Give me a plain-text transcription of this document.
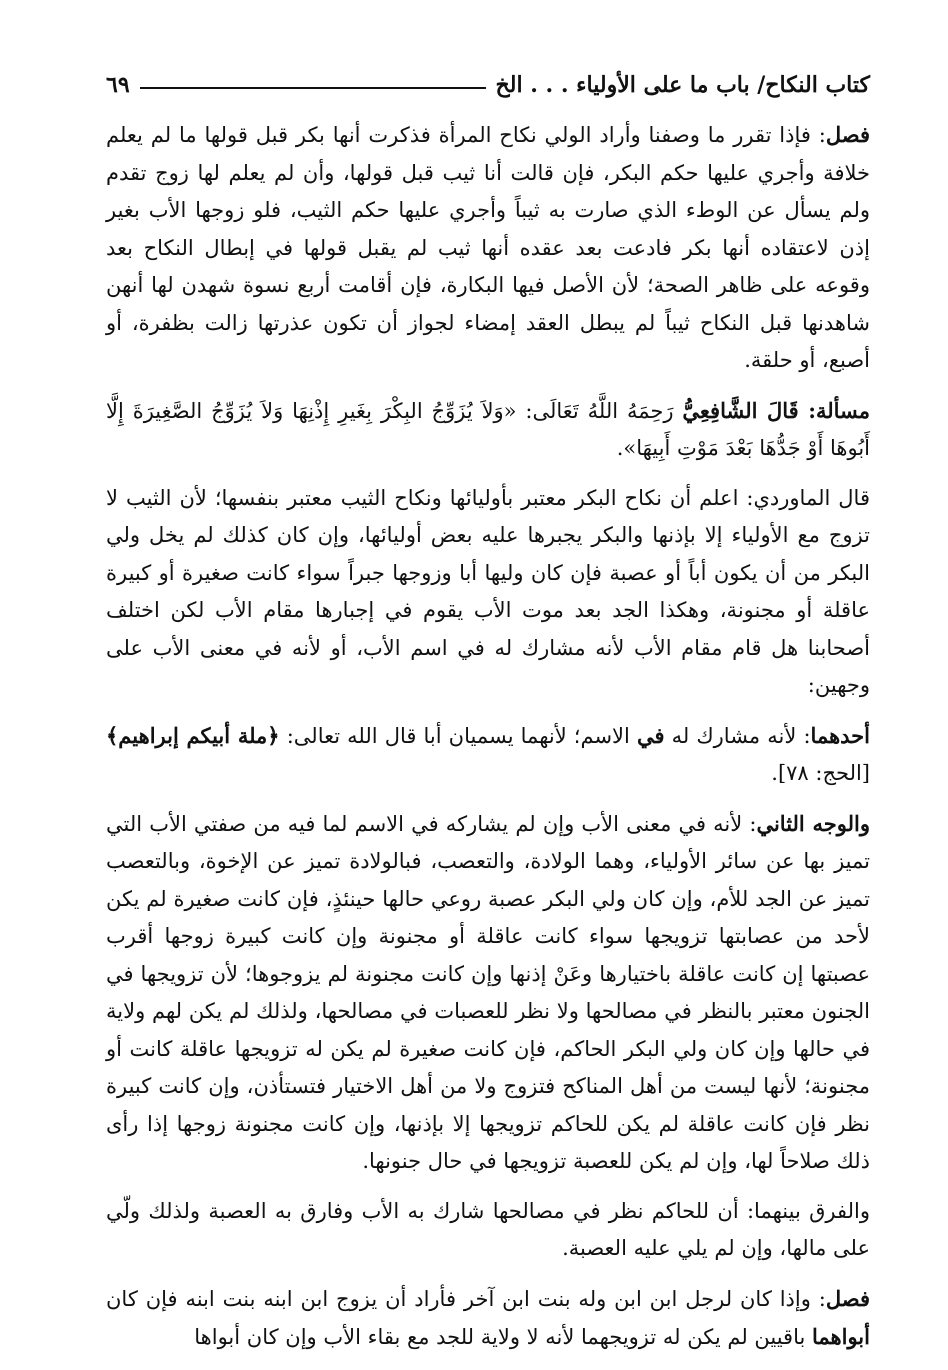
كتاب النكاح/ باب ما على الأولياء . . . الخ
٦٩

فصل: فإذا تقرر ما وصفنا وأراد الولي نكاح المرأة فذكرت أنها بكر قبل قولها ما لم يعلم خلافة وأجري عليها حكم البكر، فإن قالت أنا ثيب قبل قولها، وأن لم يعلم لها زوج تقدم ولم يسأل عن الوطء الذي صارت به ثيباً وأجري عليها حكم الثيب، فلو زوجها الأب بغير إذن لاعتقاده أنها بكر فادعت بعد عقده أنها ثيب لم يقبل قولها في إبطال النكاح بعد وقوعه على ظاهر الصحة؛ لأن الأصل فيها البكارة، فإن أقامت أربع نسوة شهدن لها أنهن شاهدنها قبل النكاح ثيباً لم يبطل العقد إمضاء لجواز أن تكون عذرتها زالت بظفرة، أو أصبع، أو حلقة.

مسألة: قَالَ الشَّافِعِيُّ رَحِمَهُ اللَّهُ تَعَالَى: «وَلاَ يُزَوِّجُ البِكْرَ بِغَيرِ إِذْنِهَا وَلاَ يُزَوِّجُ الصَّغِيرَةَ إِلَّا أَبُوهَا أَوْ جَدُّهَا بَعْدَ مَوْتِ أَبِيهَا».

قال الماوردي: اعلم أن نكاح البكر معتبر بأوليائها ونكاح الثيب معتبر بنفسها؛ لأن الثيب لا تزوج مع الأولياء إلا بإذنها والبكر يجبرها عليه بعض أوليائها، وإن كان كذلك لم يخل ولي البكر من أن يكون أباً أو عصبة فإن كان وليها أبا وزوجها جبراً سواء كانت صغيرة أو كبيرة عاقلة أو مجنونة، وهكذا الجد بعد موت الأب يقوم في إجبارها مقام الأب لكن اختلف أصحابنا هل قام مقام الأب لأنه مشارك له في اسم الأب، أو لأنه في معنى الأب على وجهين:

أحدهما: لأنه مشارك له في الاسم؛ لأنهما يسميان أبا قال الله تعالى: ﴿ملة أبيكم إبراهيم﴾ [الحج: ٧٨].

والوجه الثاني: لأنه في معنى الأب وإن لم يشاركه في الاسم لما فيه من صفتي الأب التي تميز بها عن سائر الأولياء، وهما الولادة، والتعصب، فبالولادة تميز عن الإخوة، وبالتعصب تميز عن الجد للأم، وإن كان ولي البكر عصبة روعي حالها حينئذٍ، فإن كانت صغيرة لم يكن لأحد من عصابتها تزويجها سواء كانت عاقلة أو مجنونة وإن كانت كبيرة زوجها أقرب عصبتها إن كانت عاقلة باختيارها وعَنْ إذنها وإن كانت مجنونة لم يزوجوها؛ لأن تزويجها في الجنون معتبر بالنظر في مصالحها ولا نظر للعصبات في مصالحها، ولذلك لم يكن لهم ولاية في حالها وإن كان ولي البكر الحاكم، فإن كانت صغيرة لم يكن له تزويجها عاقلة كانت أو مجنونة؛ لأنها ليست من أهل المناكح فتزوج ولا من أهل الاختيار فتستأذن، وإن كانت كبيرة نظر فإن كانت عاقلة لم يكن للحاكم تزويجها إلا بإذنها، وإن كانت مجنونة زوجها إذا رأى ذلك صلاحاً لها، وإن لم يكن للعصبة تزويجها في حال جنونها.

والفرق بينهما: أن للحاكم نظر في مصالحها شارك به الأب وفارق به العصبة ولذلك ولّي على مالها، وإن لم يلي عليه العصبة.

فصل: وإذا كان لرجل ابن ابن وله بنت ابن آخر فأراد أن يزوج ابن ابنه بنت ابنه فإن كان أبواهما باقيين لم يكن له تزويجهما لأنه لا ولاية للجد مع بقاء الأب وإن كان أبواها
